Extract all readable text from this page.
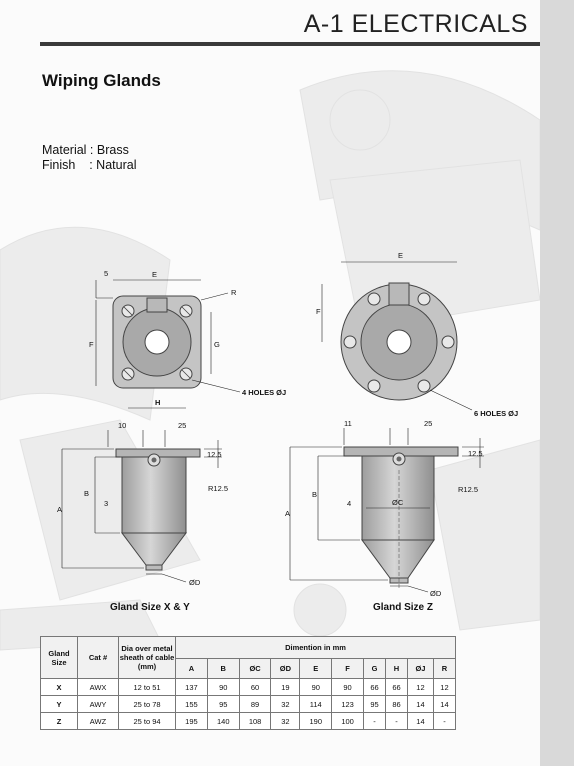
A-1 ELECTRICALS
Wiping Glands
Material : Brass
Finish    : Natural
E
5
F	G
H
R
4 HOLES ØJ
E
F
6 HOLES ØJ
10	25
12.5
A
B
3
R12.5
ØD
Gland Size X & Y
11	25
12.5
A
B
4	ØC
R12.5
ØD
Gland Size Z
Gland Size	Cat #	Dia over metal sheath of cable (mm)	Dimention in mm									
			A	B	ØC	ØD	E	F	G	H	ØJ	R
X	AWX	12 to 51	137	90	60	19	90	90	66	66	12	12
Y	AWY	25 to 78	155	95	89	32	114	123	95	86	14	14
Z	AWZ	25 to 94	195	140	108	32	190	100	-	-	14	-
